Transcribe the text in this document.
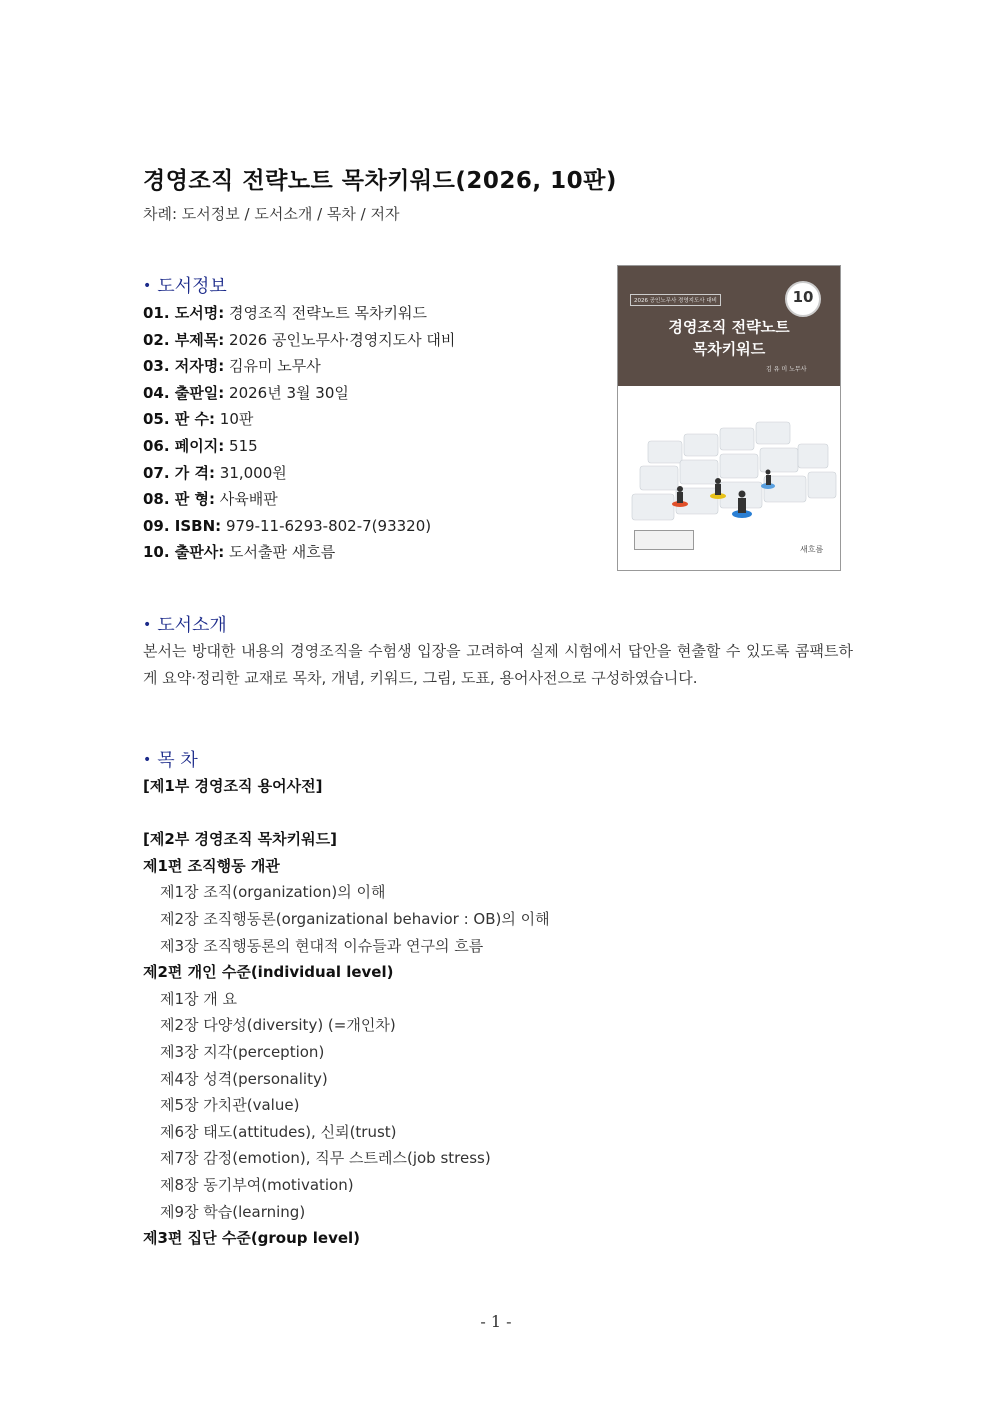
경영조직 전략노트 목차키워드(2026, 10판)
차례: 도서정보 / 도서소개 / 목차 / 저자
• 도서정보
01. 도서명: 경영조직 전략노트 목차키워드
02. 부제목: 2026 공인노무사·경영지도사 대비
03. 저자명: 김유미 노무사
04. 출판일: 2026년 3월 30일
05. 판 수: 10판
06. 페이지: 515
07. 가 격: 31,000원
08. 판 형: 사육배판
09. ISBN: 979-11-6293-802-7(93320)
10. 출판사: 도서출판 새흐름
2026 공인노무사 경영지도사 대비	10
경영조직 전략노트
목차키워드
김 유 미 노무사
새흐름
• 도서소개
본서는 방대한 내용의 경영조직을 수험생 입장을 고려하여 실제 시험에서 답안을 현출할 수 있도록 콤팩트하게 요약·정리한 교재로 목차, 개념, 키워드, 그림, 도표, 용어사전으로 구성하였습니다.
• 목 차
[제1부 경영조직 용어사전]
[제2부 경영조직 목차키워드]
제1편 조직행동 개관
제1장 조직(organization)의 이해
제2장 조직행동론(organizational behavior : OB)의 이해
제3장 조직행동론의 현대적 이슈들과 연구의 흐름
제2편 개인 수준(individual level)
제1장 개 요
제2장 다양성(diversity) (=개인차)
제3장 지각(perception)
제4장 성격(personality)
제5장 가치관(value)
제6장 태도(attitudes), 신뢰(trust)
제7장 감정(emotion), 직무 스트레스(job stress)
제8장 동기부여(motivation)
제9장 학습(learning)
제3편 집단 수준(group level)
- 1 -
